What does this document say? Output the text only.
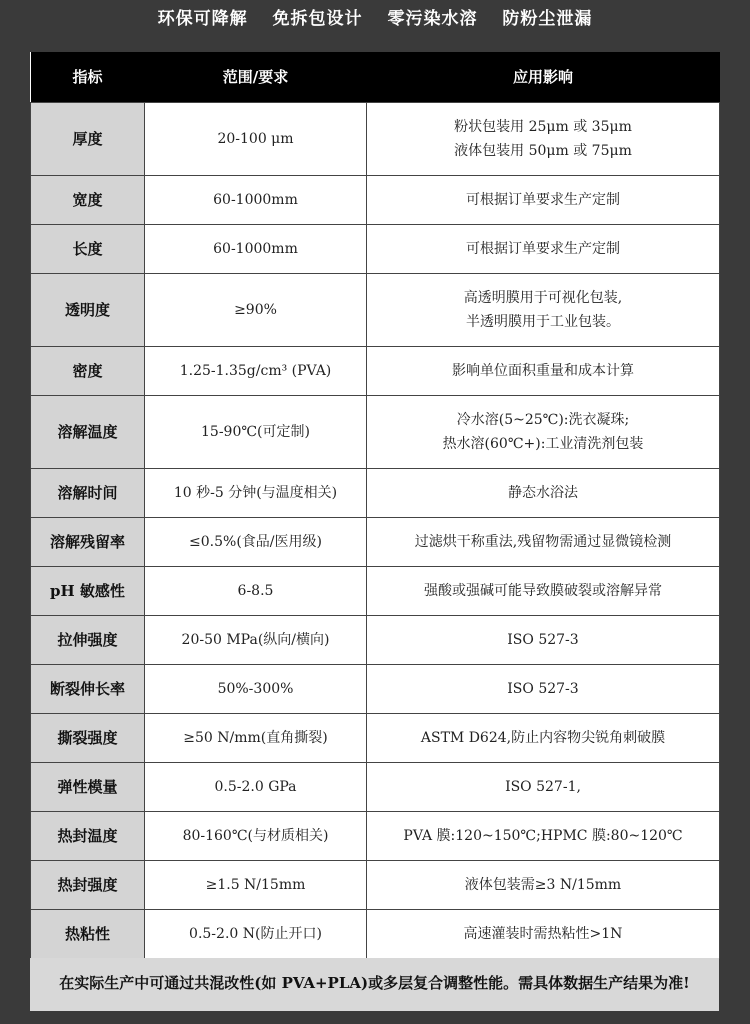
环保可降解 免拆包设计 零污染水溶 防粉尘泄漏
指标	范围/要求	应用影响
厚度	20-100 μm	粉状包装用 25μm 或 35μm
液体包装用 50μm 或 75μm

宽度	60-1000mm	可根据订单要求生产定制

长度	60-1000mm	可根据订单要求生产定制

透明度	≥90%	高透明膜用于可视化包装,
半透明膜用于工业包装。

密度	1.25-1.35g/cm³ (PVA)	影响单位面积重量和成本计算

溶解温度	15-90℃(可定制)	冷水溶(5~25℃):洗衣凝珠;
热水溶(60℃+):工业清洗剂包装

溶解时间	10 秒-5 分钟(与温度相关)	静态水浴法

溶解残留率	≤0.5%(食品/医用级)	过滤烘干称重法,残留物需通过显微镜检测

pH 敏感性	6-8.5	强酸或强碱可能导致膜破裂或溶解异常

拉伸强度	20-50 MPa(纵向/横向)	ISO 527-3

断裂伸长率	50%-300%	ISO 527-3

撕裂强度	≥50 N/mm(直角撕裂)	ASTM D624,防止内容物尖锐角刺破膜

弹性模量	0.5-2.0 GPa	ISO 527-1,

热封温度	80-160℃(与材质相关)	PVA 膜:120~150℃;HPMC 膜:80~120℃

热封强度	≥1.5 N/15mm	液体包装需≥3 N/15mm

热粘性	0.5-2.0 N(防止开口)	高速灌装时需热粘性>1N
在实际生产中可通过共混改性(如 PVA+PLA)或多层复合调整性能。需具体数据生产结果为准!
